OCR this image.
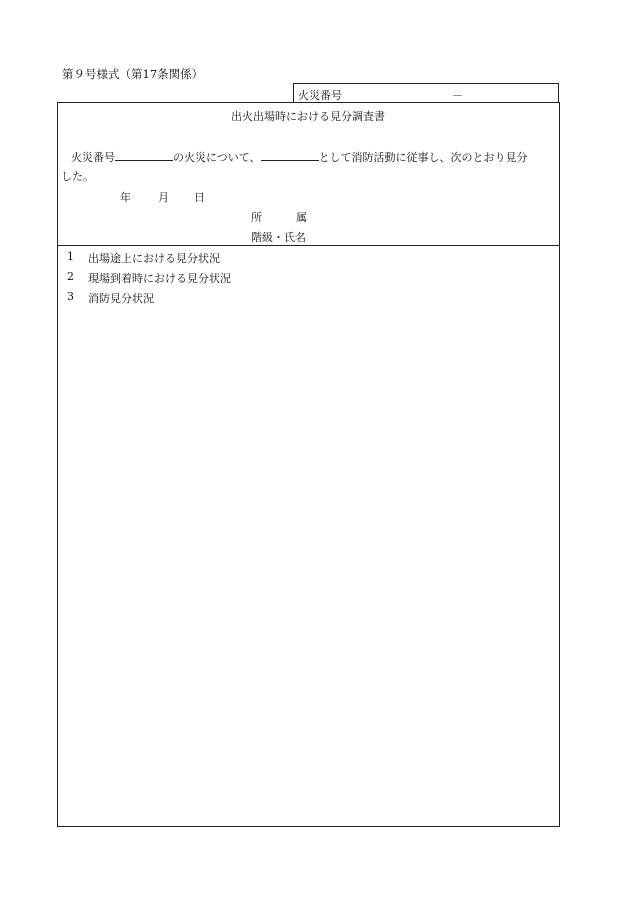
第９号様式（第17条関係）
火災番号	－
出火出場時における見分調査書
火災番号	の火災について、	として消防活動に従事し、次のとおり見分
した。
年 月 日
所	属
階級・氏名
1 出場途上における見分状況
2 現場到着時における見分状況
3 消防見分状況
